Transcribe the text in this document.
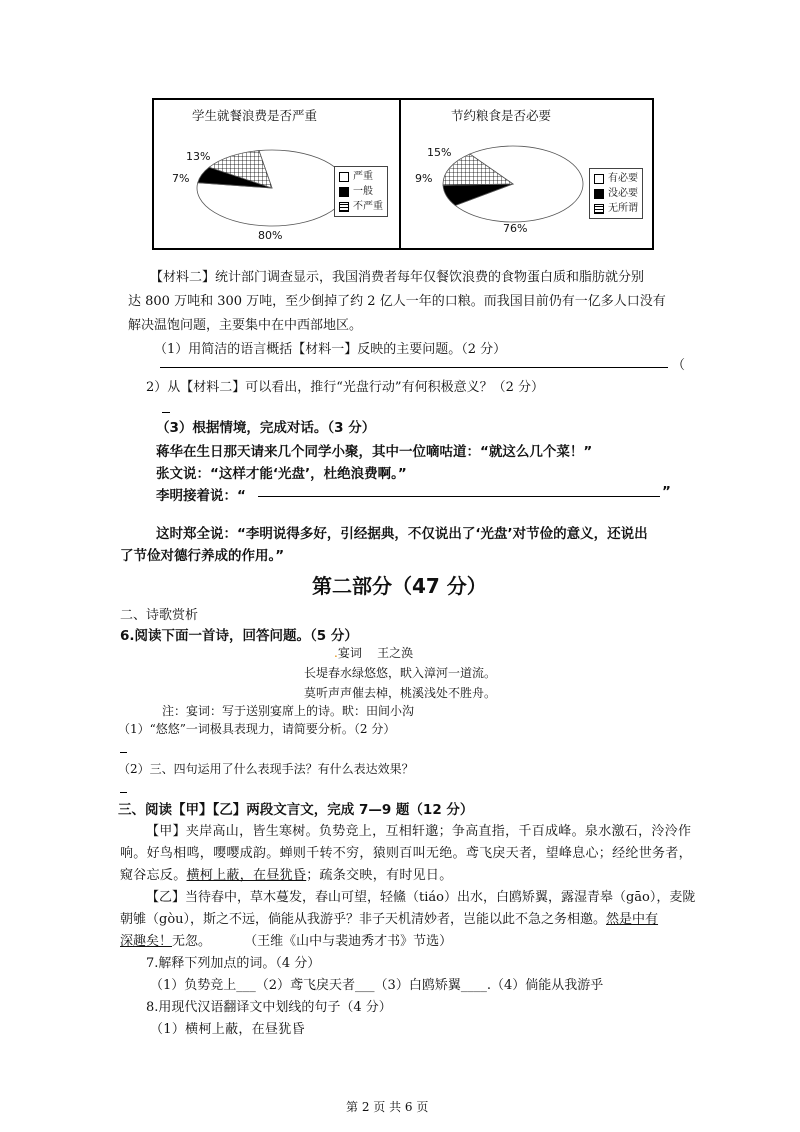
学生就餐浪费是否严重
13%
7%
80%
严重
一般
不严重
节约粮食是否必要
15%
9%
76%
有必要
没必要
无所谓
【材料二】统计部门调查显示，我国消费者每年仅餐饮浪费的食物蛋白质和脂肪就分别
达 800 万吨和 300 万吨，至少倒掉了约 2 亿人一年的口粮。而我国目前仍有一亿多人口没有
解决温饱问题，主要集中在中西部地区。
（1）用简洁的语言概括【材料一】反映的主要问题。（2 分）
（
2）从【材料二】可以看出，推行“光盘行动”有何积极意义？（2 分）
（3）根据情境，完成对话。（3 分）
蒋华在生日那天请来几个同学小聚，其中一位嘀咕道：“就这么几个菜！”
张文说：“这样才能‘光盘’，杜绝浪费啊。”
李明接着说：“	”
这时郑全说：“李明说得多好，引经据典，不仅说出了‘光盘’对节俭的意义，还说出
了节俭对德行养成的作用。”
第二部分（47 分）
二、诗歌赏析
6.阅读下面一首诗，回答问题。（5 分）
.宴词 王之涣
长堤春水绿悠悠，畎入漳河一道流。
莫听声声催去棹，桃溪浅处不胜舟。
注：宴词：写于送别宴席上的诗。畎：田间小沟
（1）“悠悠”一词极具表现力，请简要分析。（2 分）
（2）三、四句运用了什么表现手法？有什么表达效果？
三、阅读【甲】【乙】两段文言文，完成 7—9 题（12 分）
【甲】夹岸高山，皆生寒树。负势竞上，互相轩邈；争高直指，千百成峰。泉水激石，泠泠作
响。好鸟相鸣，嘤嘤成韵。蝉则千转不穷，猿则百叫无绝。鸢飞戾天者，望峰息心；经纶世务者，
窥谷忘反。横柯上蔽，在昼犹昏；疏条交映，有时见日。
【乙】当待春中，草木蔓发，春山可望，轻鯈（tiáo）出水，白鸥矫翼，露湿青皋（gāo），麦陇
朝雊（gòu），斯之不远，倘能从我游乎？非子天机清妙者，岂能以此不急之务相邀。然是中有
深趣矣！无忽。        （王维《山中与裴迪秀才书》节选）
7.解释下列加点的词。（4 分）
（1）负势竞上___（2）鸢飞戾天者___（3）白鸥矫翼____.（4）倘能从我游乎
8.用现代汉语翻译文中划线的句子（4 分）
（1）横柯上蔽，在昼犹昏
第 2 页 共 6 页
